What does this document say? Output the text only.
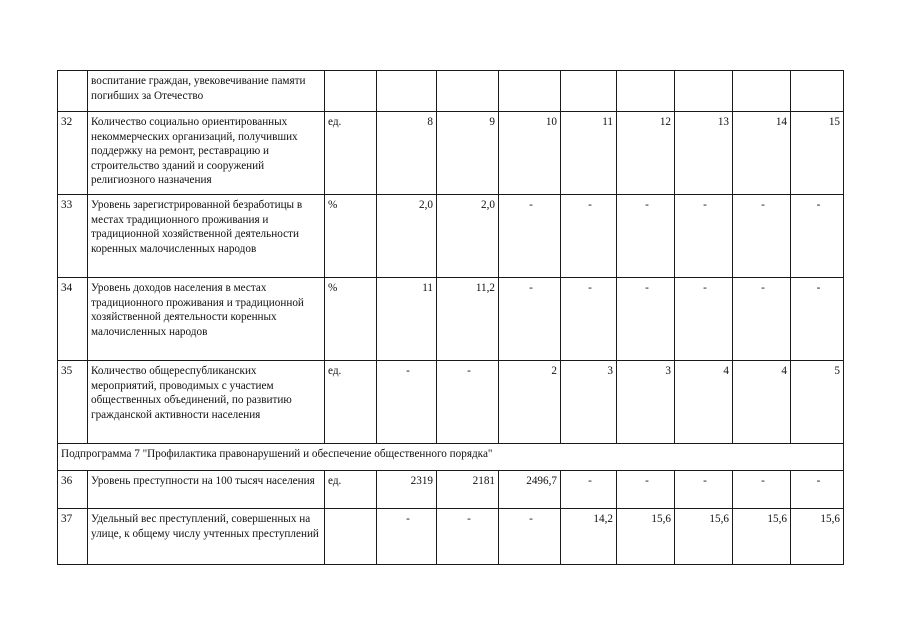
	воспитание граждан, увековечивание памяти погибших за Отечество									
32	Количество социально ориентированных некоммерческих организаций, получивших поддержку на ремонт, реставрацию и строительство зданий и сооружений религиозного назначения	ед.	8	9	10	11	12	13	14	15
33	Уровень зарегистрированной безработицы в местах традиционного проживания и традиционной хозяйственной деятельности коренных малочисленных народов	%	2,0	2,0	-	-	-	-	-	-
34	Уровень доходов населения в местах традиционного проживания и традиционной хозяйственной деятельности коренных малочисленных народов	%	11	11,2	-	-	-	-	-	-
35	Количество общереспубликанских мероприятий, проводимых с участием общественных объединений, по развитию гражданской активности населения	ед.	-	-	2	3	3	4	4	5
Подпрограмма 7 "Профилактика правонарушений и обеспечение общественного порядка"										
36	Уровень преступности на 100 тысяч населения	ед.	2319	2181	2496,7	-	-	-	-	-
37	Удельный вес преступлений, совершенных на улице, к общему числу учтенных преступлений		-	-	-	14,2	15,6	15,6	15,6	15,6
